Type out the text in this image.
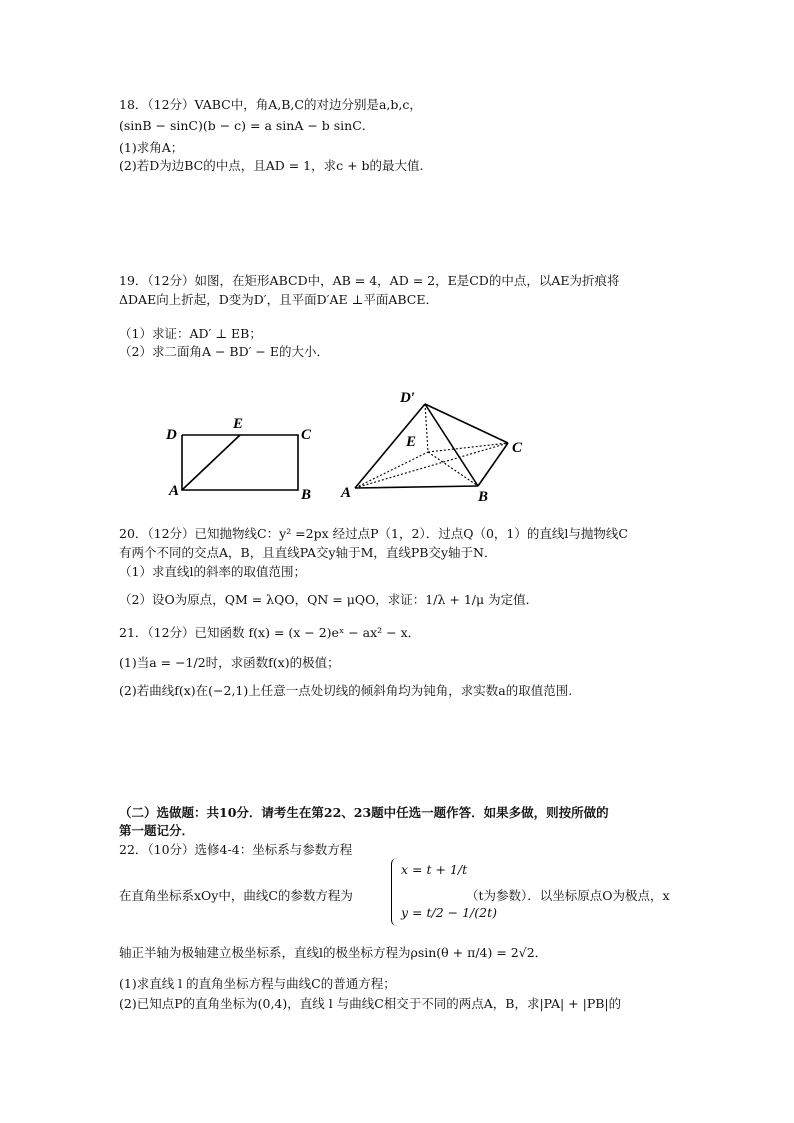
18．（12分）VABC中，角A,B,C的对边分别是a,b,c，
(sinB − sinC)(b − c) = a sinA − b sinC．
(1)求角A；
(2)若D为边BC的中点，且AD = 1，求c + b的最大值.
19．（12分）如图，在矩形ABCD中，AB = 4，AD = 2，E是CD的中点，以AE为折痕将
ΔDAE向上折起，D变为D′，且平面D′AE ⊥平面ABCE．
（1）求证：AD′ ⊥ EB；
（2）求二面角A − BD′ − E的大小．
D
E
C
A	B
D′
E	C
A	B
20．（12分）已知抛物线C：y² =2px 经过点P（1，2）．过点Q（0，1）的直线l与抛物线C
有两个不同的交点A，B，且直线PA交y轴于M，直线PB交y轴于N．
（1）求直线l的斜率的取值范围；
（2）设O为原点，QM = λQO，QN = μQO，求证：1/λ + 1/μ 为定值．
21．（12分）已知函数 f(x) = (x − 2)eˣ − ax² − x．
(1)当a = −1/2时，求函数f(x)的极值；
(2)若曲线f(x)在(−2,1)上任意一点处切线的倾斜角均为钝角，求实数a的取值范围.
（二）选做题：共10分．请考生在第22、23题中任选一题作答．如果多做，则按所做的
第一题记分．
22．（10分）选修4-4：坐标系与参数方程
在直角坐标系xOy中，曲线C的参数方程为
x = t + 1/t
y = t/2 − 1/(2t)
（t为参数）．以坐标原点O为极点，x
轴正半轴为极轴建立极坐标系，直线l的极坐标方程为ρsin(θ + π/4) = 2√2．
(1)求直线 l 的直角坐标方程与曲线C的普通方程；
(2)已知点P的直角坐标为(0,4)，直线 l 与曲线C相交于不同的两点A，B，求|PA| + |PB|的
